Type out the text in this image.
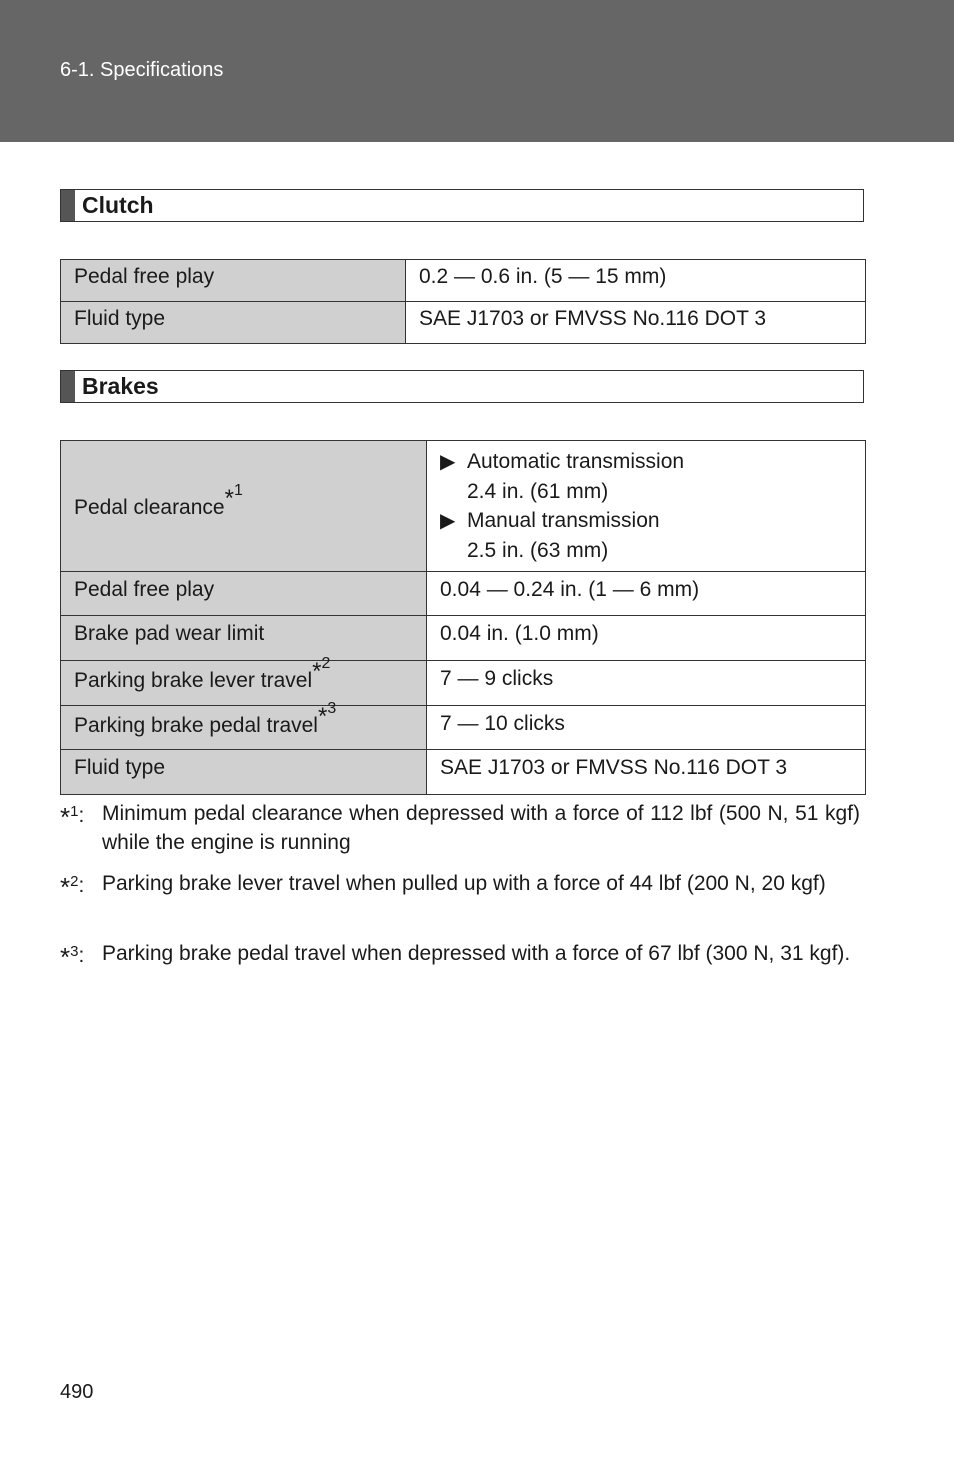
6-1. Specifications
Clutch
Pedal free play	0.2 — 0.6 in. (5 — 15 mm)
Fluid type	SAE J1703 or FMVSS No.116 DOT 3
Brakes
Pedal clearance$^{*^1}$	▶ Automatic transmission
2.4 in. (61 mm)
▶ Manual transmission
2.5 in. (63 mm)

Pedal free play	0.04 — 0.24 in. (1 — 6 mm)
Brake pad wear limit	0.04 in. (1.0 mm)
Parking brake lever travel$^{*^2}$	7 — 9 clicks
Parking brake pedal travel$^{*^3}$	7 — 10 clicks
Fluid type	SAE J1703 or FMVSS No.116 DOT 3
*$^1$: Minimum pedal clearance when depressed with a force of 112 lbf (500 N, 51 kgf) while the engine is running
*$^2$: Parking brake lever travel when pulled up with a force of 44 lbf (200 N, 20 kgf)
*$^3$: Parking brake pedal travel when depressed with a force of 67 lbf (300 N, 31 kgf).
490
